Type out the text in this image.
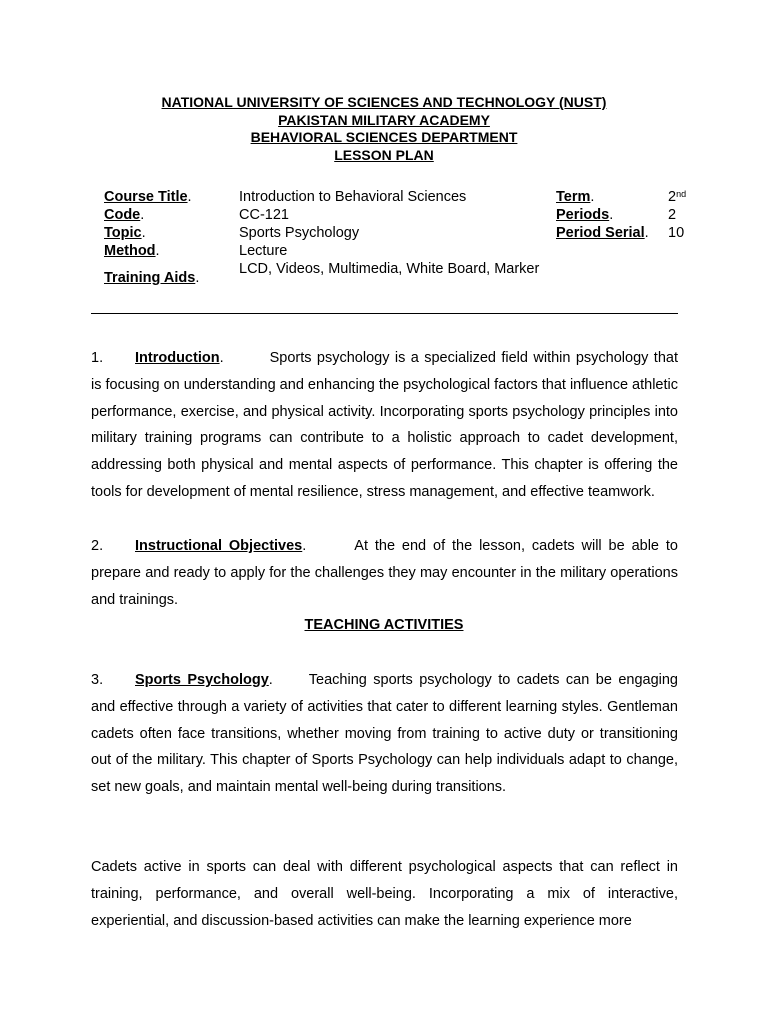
NATIONAL UNIVERSITY OF SCIENCES AND TECHNOLOGY (NUST)
PAKISTAN MILITARY ACADEMY
BEHAVIORAL SCIENCES DEPARTMENT
LESSON PLAN
Course Title.	Introduction to Behavioral Sciences	Term.	2nd
Code.	CC-121	Periods.	2
Topic.	Sports Psychology	Period Serial. 10
Method.	Lecture
Training Aids.
LCD, Videos, Multimedia, White Board, Marker
1. Introduction.	Sports psychology is a specialized field within psychology that is focusing on understanding and enhancing the psychological factors that influence athletic performance, exercise, and physical activity. Incorporating sports psychology principles into military training programs can contribute to a holistic approach to cadet development, addressing both physical and mental aspects of performance. This chapter is offering the tools for development of mental resilience, stress management, and effective teamwork.
2. Instructional Objectives.	At the end of the lesson, cadets will be able to prepare and ready to apply for the challenges they may encounter in the military operations and trainings.
TEACHING ACTIVITIES
3. Sports Psychology. Teaching sports psychology to cadets can be engaging and effective through a variety of activities that cater to different learning styles. Gentleman cadets often face transitions, whether moving from training to active duty or transitioning out of the military. This chapter of Sports Psychology can help individuals adapt to change, set new goals, and maintain mental well-being during transitions.
Cadets active in sports can deal with different psychological aspects that can reflect in training, performance, and overall well-being. Incorporating a mix of interactive, experiential, and discussion-based activities can make the learning experience more
